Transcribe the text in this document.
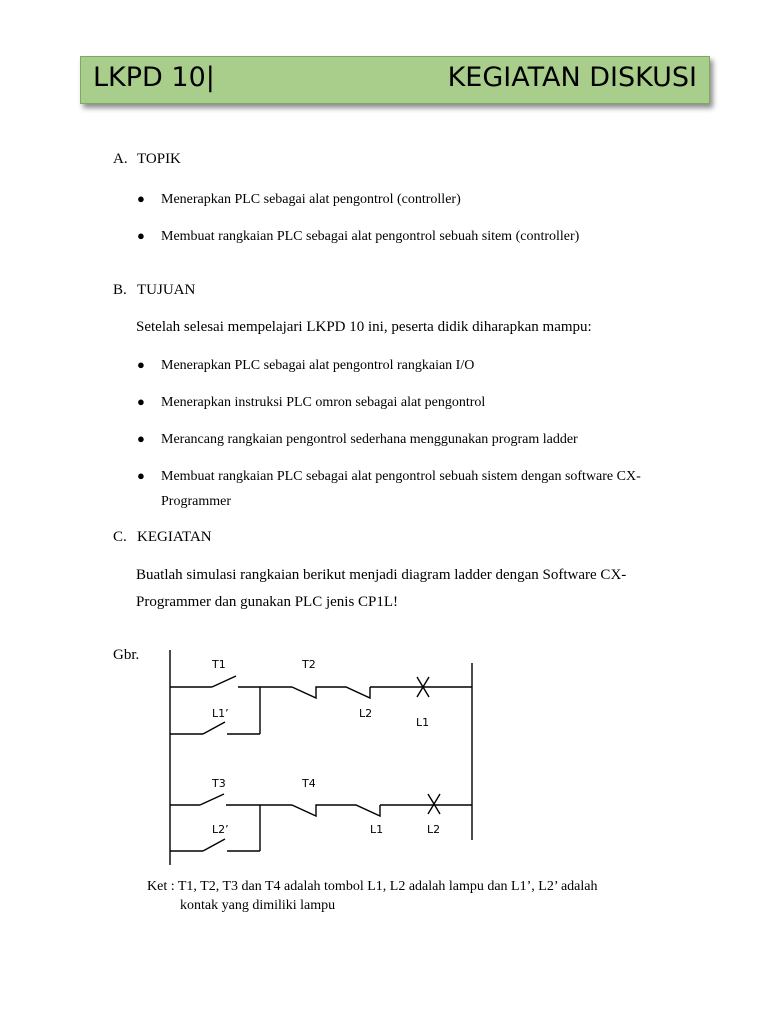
LKPD 10|	KEGIATAN DISKUSI
A. TOPIK
● Menerapkan PLC sebagai alat pengontrol (controller)
● Membuat rangkaian PLC sebagai alat pengontrol sebuah sitem (controller)
B. TUJUAN
Setelah selesai mempelajari LKPD 10 ini, peserta didik diharapkan mampu:
● Menerapkan PLC sebagai alat pengontrol rangkaian I/O
● Menerapkan instruksi PLC omron sebagai alat pengontrol
● Merancang rangkaian pengontrol sederhana menggunakan program ladder
● Membuat rangkaian PLC sebagai alat pengontrol sebuah sistem dengan software CX-
Programmer
C. KEGIATAN
Buatlah simulasi rangkaian berikut menjadi diagram ladder dengan Software CX-
Programmer dan gunakan PLC jenis CP1L!
Gbr.
T1	T2
L1’	L2
L1
T3	T4
L2’	L1	L2
Ket : T1, T2, T3 dan T4 adalah tombol L1, L2 adalah lampu dan L1’, L2’ adalah
kontak yang dimiliki lampu
